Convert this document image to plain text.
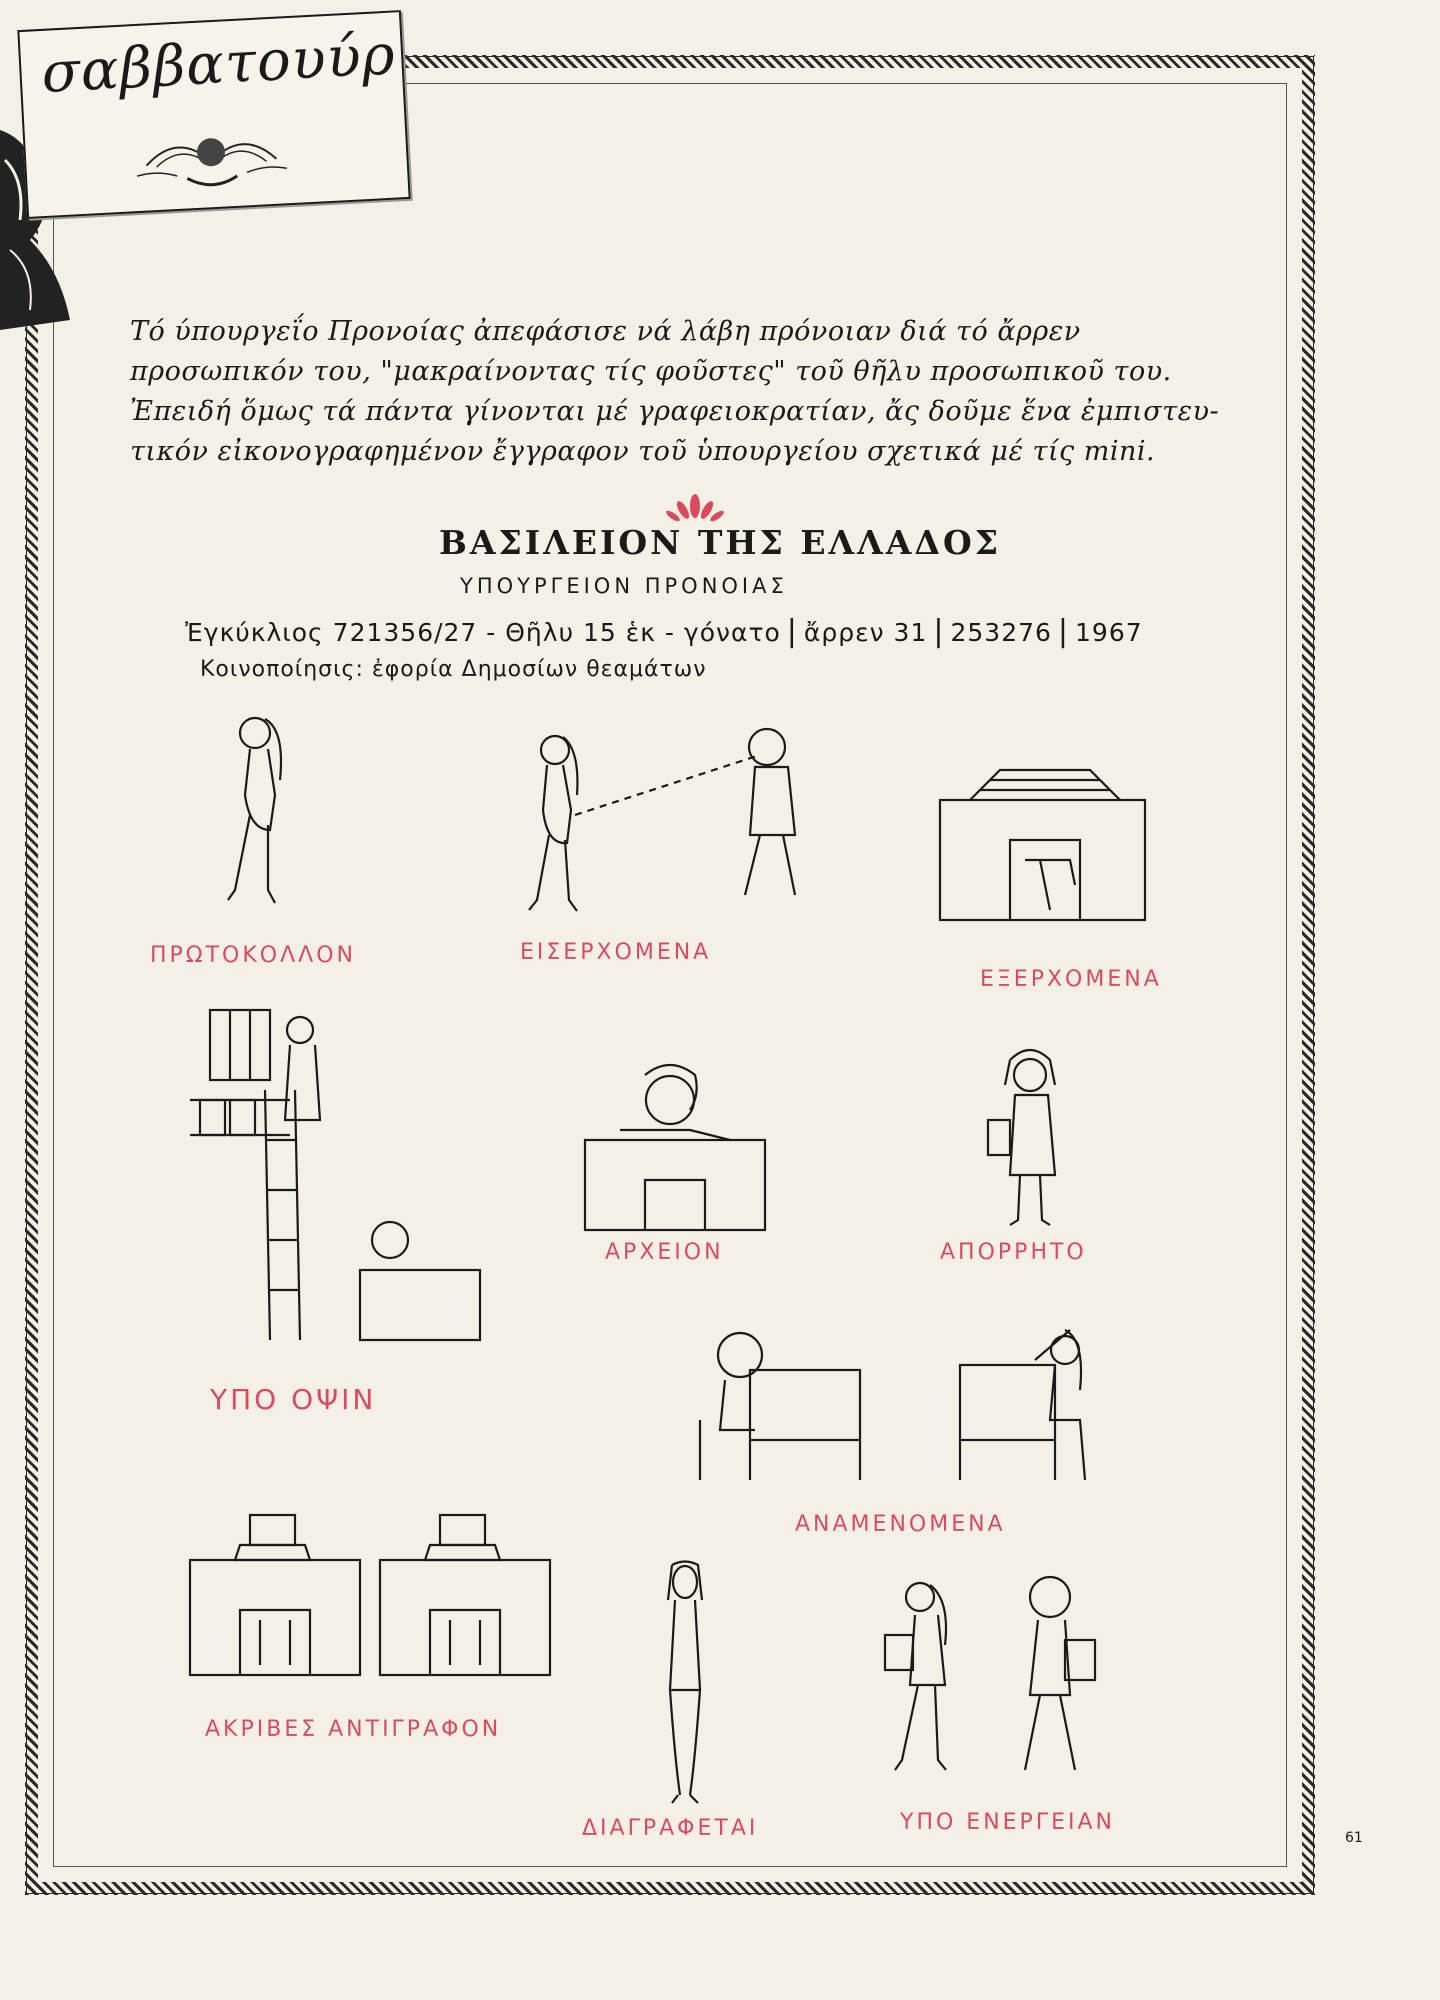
σαββατουύρ
Τό ύπουργεΐο Προνοίας ἀπεφάσισε νά λάβη πρόνοιαν διά τό ἄρρεν
προσωπικόν του, "μακραίνοντας τίς φοῦστες" τοῦ θῆλυ προσωπικοῦ του.
Ἐπειδή ὅμως τά πάντα γίνονται μέ γραφειοκρατίαν, ἄς δοῦμε ἕνα ἐμπιστευ-
τικόν εἰκονογραφημένον ἔγγραφον τοῦ ὑπουργείου σχετικά μέ τίς mini.
ΒΑΣΙΛΕΙΟΝ ΤΗΣ ΕΛΛΑΔΟΣ
ΥΠΟΥΡΓΕΙΟΝ ΠΡΟΝΟΙΑΣ
Ἐγκύκλιος 721356/27 - Θῆλυ 15 ἑκ - γόνατο | ἄρρεν 31 | 253276 | 1967
Κοινοποίησις: ἐφορία Δημοσίων θεαμάτων
ΠΡΩΤΟΚΟΛΛΟΝ	ΕΙΣΕΡΧΟΜΕΝΑ
ΕΞΕΡΧΟΜΕΝΑ
ΥΠΟ ΟΨΙΝ
ΑΡΧΕΙΟΝ	ΑΠΟΡΡΗΤΟ
ΑΝΑΜΕΝΟΜΕΝΑ
ΑΚΡΙΒΕΣ ΑΝΤΙΓΡΑΦΟΝ
ΔΙΑΓΡΑΦΕΤΑΙ	ΥΠΟ ΕΝΕΡΓΕΙΑΝ
61
